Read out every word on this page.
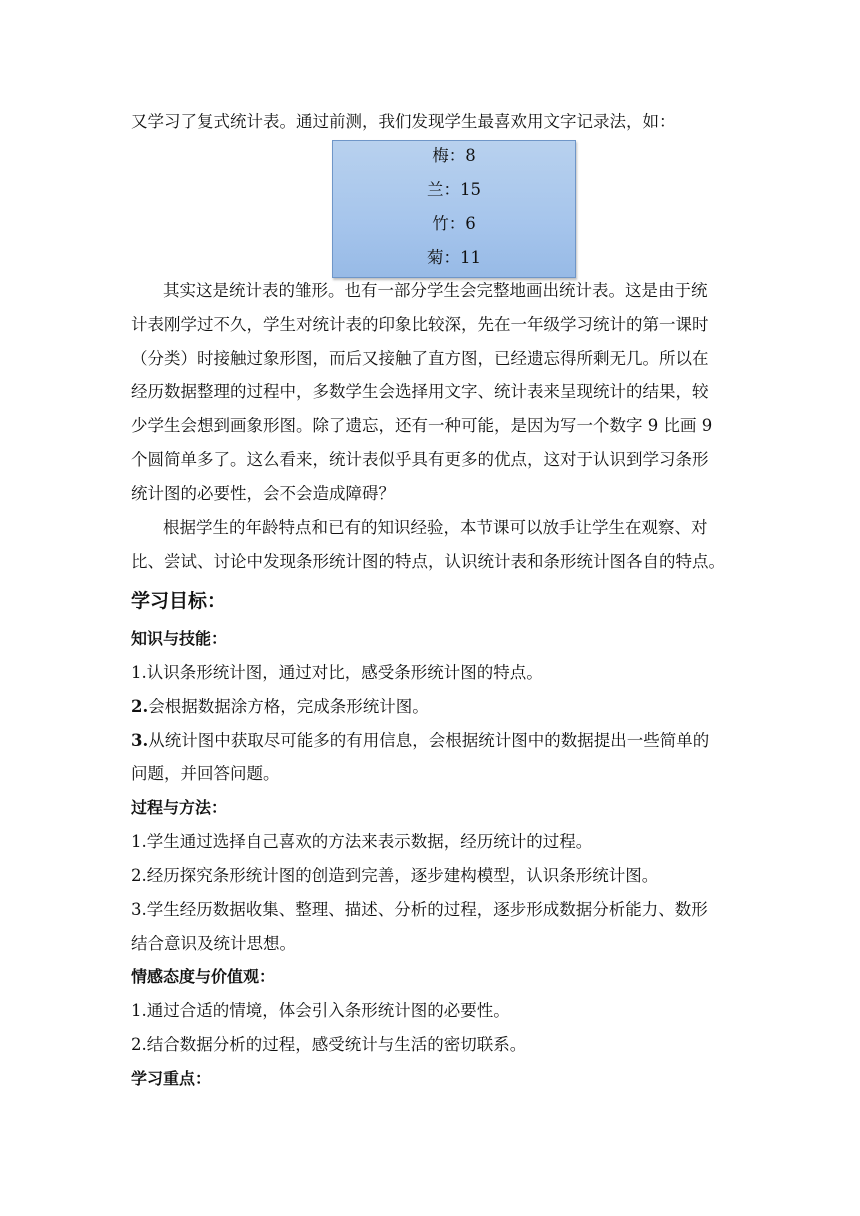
又学习了复式统计表。通过前测，我们发现学生最喜欢用文字记录法，如：
梅：8
兰：15
竹：6
菊：11
其实这是统计表的雏形。也有一部分学生会完整地画出统计表。这是由于统
计表刚学过不久，学生对统计表的印象比较深，先在一年级学习统计的第一课时
（分类）时接触过象形图，而后又接触了直方图，已经遗忘得所剩无几。所以在
经历数据整理的过程中，多数学生会选择用文字、统计表来呈现统计的结果，较
少学生会想到画象形图。除了遗忘，还有一种可能，是因为写一个数字 9 比画 9
个圆简单多了。这么看来，统计表似乎具有更多的优点，这对于认识到学习条形
统计图的必要性，会不会造成障碍？
根据学生的年龄特点和已有的知识经验，本节课可以放手让学生在观察、对
比、尝试、讨论中发现条形统计图的特点，认识统计表和条形统计图各自的特点。
学习目标：
知识与技能：
1.认识条形统计图，通过对比，感受条形统计图的特点。
2.会根据数据涂方格，完成条形统计图。
3.从统计图中获取尽可能多的有用信息，会根据统计图中的数据提出一些简单的
问题，并回答问题。
过程与方法：
1.学生通过选择自己喜欢的方法来表示数据，经历统计的过程。
2.经历探究条形统计图的创造到完善，逐步建构模型，认识条形统计图。
3.学生经历数据收集、整理、描述、分析的过程，逐步形成数据分析能力、数形
结合意识及统计思想。
情感态度与价值观：
1.通过合适的情境，体会引入条形统计图的必要性。
2.结合数据分析的过程，感受统计与生活的密切联系。
学习重点：
